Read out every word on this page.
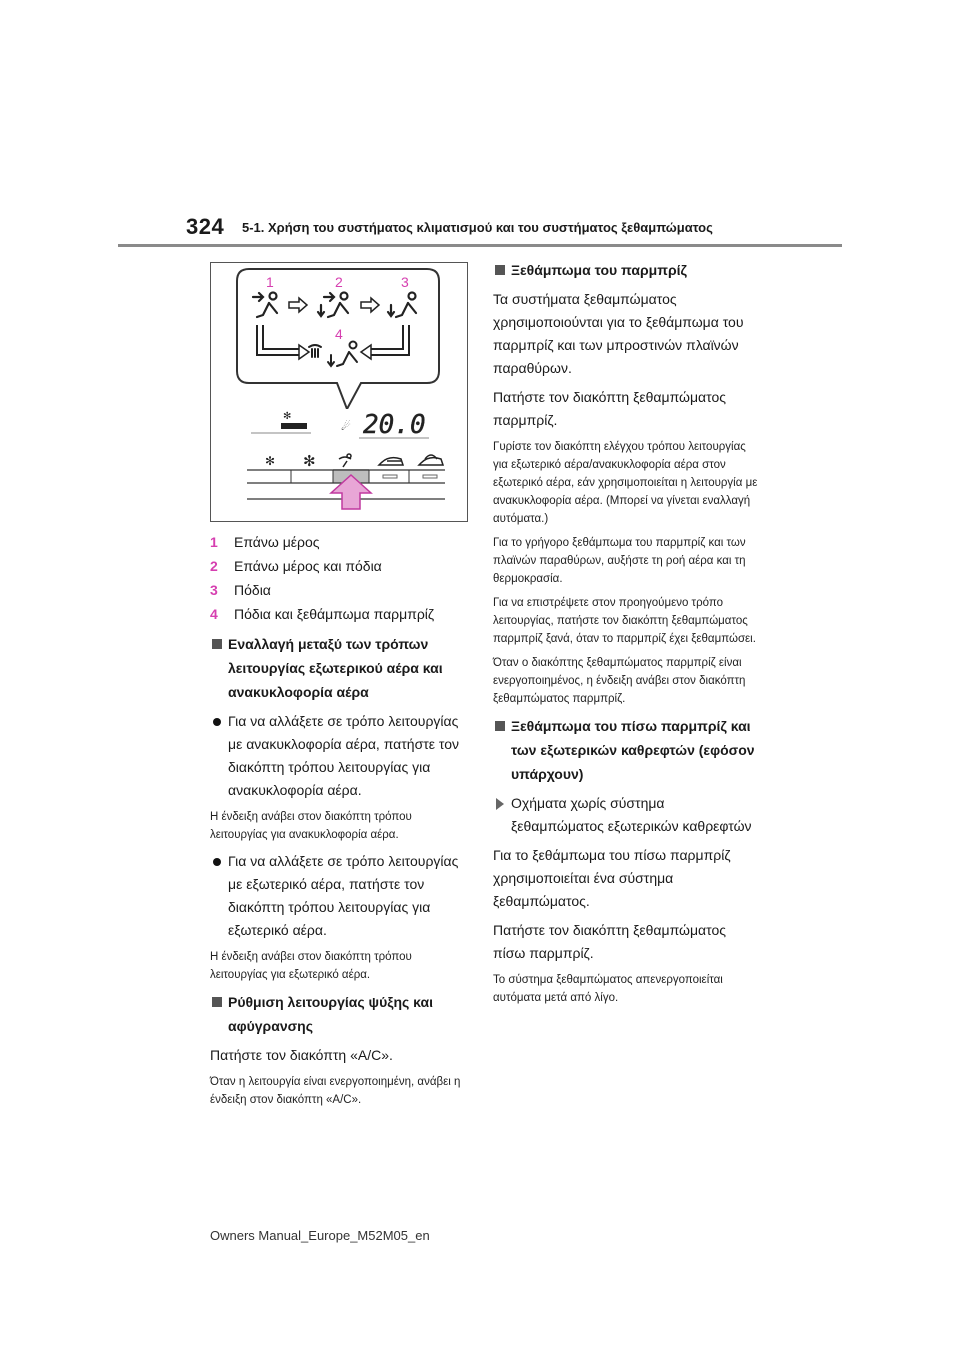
324 5-1. Χρήση του συστήματος κλιματισμού και του συστήματος ξεθαμπώματος
1	2	3
4
✻
☄ 20.0
✻ ✻
1	Επάνω μέρος
2	Επάνω μέρος και πόδια
3	Πόδια
4	Πόδια και ξεθάμπωμα παρμπρίζ
Εναλλαγή μεταξύ των τρόπων λειτουργίας εξωτερικού αέρα και ανακυκλοφορία αέρα
Για να αλλάξετε σε τρόπο λειτουργίας με ανακυκλοφορία αέρα, πατήστε τον διακόπτη τρόπου λειτουργίας για ανακυκλοφορία αέρα.
Η ένδειξη ανάβει στον διακόπτη τρόπου λειτουργίας για ανακυκλοφορία αέρα.
Για να αλλάξετε σε τρόπο λειτουργίας με εξωτερικό αέρα, πατήστε τον διακόπτη τρόπου λειτουργίας για εξωτερικό αέρα.
Η ένδειξη ανάβει στον διακόπτη τρόπου λειτουργίας για εξωτερικό αέρα.
Ρύθμιση λειτουργίας ψύξης και αφύγρανσης
Πατήστε τον διακόπτη «A/C».
Όταν η λειτουργία είναι ενεργοποιημένη, ανάβει η ένδειξη στον διακόπτη «A/C».
Ξεθάμπωμα του παρμπρίζ
Τα συστήματα ξεθαμπώματος χρησιμοποιούνται για το ξεθάμπωμα του παρμπρίζ και των μπροστινών πλαϊνών παραθύρων.
Πατήστε τον διακόπτη ξεθαμπώματος παρμπρίζ.
Γυρίστε τον διακόπτη ελέγχου τρόπου λειτουργίας για εξωτερικό αέρα/ανακυκλοφορία αέρα στον εξωτερικό αέρα, εάν χρησιμοποιείται η λειτουργία με ανακυκλοφορία αέρα. (Μπορεί να γίνεται εναλλαγή αυτόματα.)
Για το γρήγορο ξεθάμπωμα του παρμπρίζ και των πλαϊνών παραθύρων, αυξήστε τη ροή αέρα και τη θερμοκρασία.
Για να επιστρέψετε στον προηγούμενο τρόπο λειτουργίας, πατήστε τον διακόπτη ξεθαμπώματος παρμπρίζ ξανά, όταν το παρμπρίζ έχει ξεθαμπώσει.
Όταν ο διακόπτης ξεθαμπώματος παρμπρίζ είναι ενεργοποιημένος, η ένδειξη ανάβει στον διακόπτη ξεθαμπώματος παρμπρίζ.
Ξεθάμπωμα του πίσω παρμπρίζ και των εξωτερικών καθρεφτών (εφόσον υπάρχουν)
Οχήματα χωρίς σύστημα ξεθαμπώματος εξωτερικών καθρεφτών
Για το ξεθάμπωμα του πίσω παρμπρίζ χρησιμοποιείται ένα σύστημα ξεθαμπώματος.
Πατήστε τον διακόπτη ξεθαμπώματος πίσω παρμπρίζ.
Το σύστημα ξεθαμπώματος απενεργοποιείται αυτόματα μετά από λίγο.
Owners Manual_Europe_M52M05_en
